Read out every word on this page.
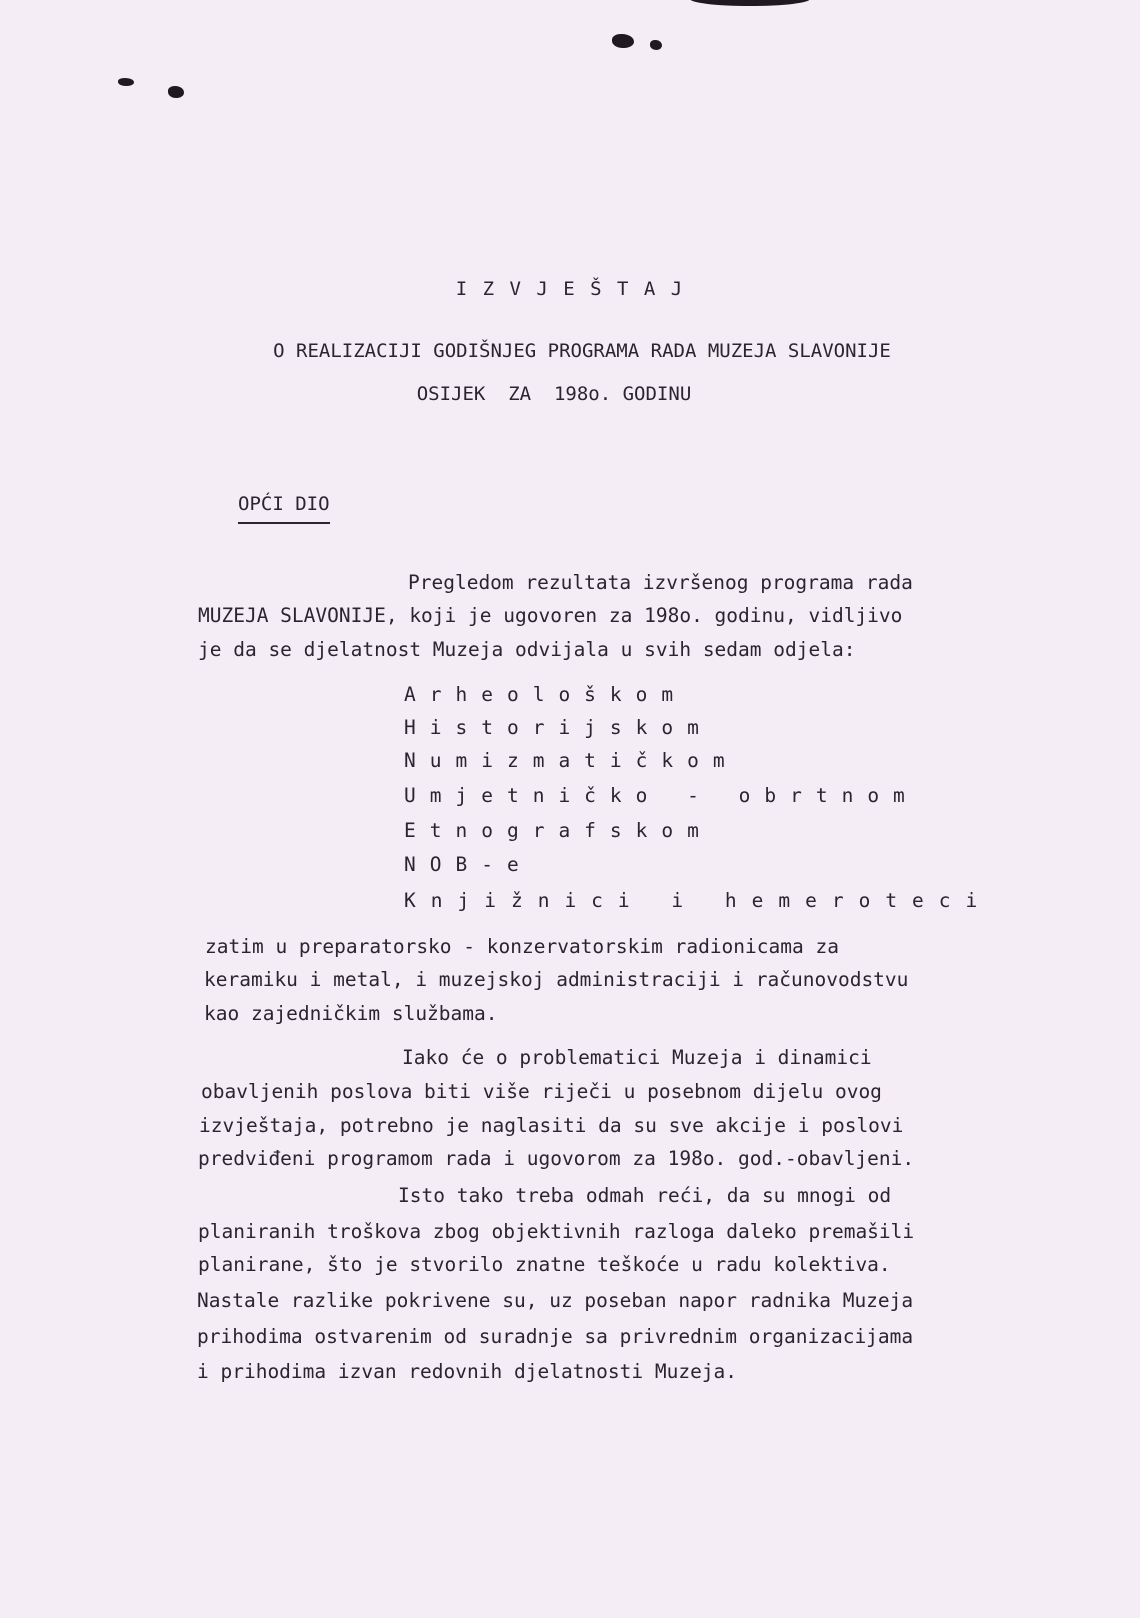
I Z V J E Š T A J
O REALIZACIJI GODIŠNJEG PROGRAMA RADA MUZEJA SLAVONIJE
OSIJEK  ZA  198o. GODINU
OPĆI DIO
Pregledom rezultata izvršenog programa rada
MUZEJA SLAVONIJE, koji je ugovoren za 198o. godinu, vidljivo
je da se djelatnost Muzeja odvijala u svih sedam odjela:
Arheološkom
Historijskom
Numizmatičkom
Umjetničko - obrtnom
Etnografskom
NOB-e
Knjižnici i hemeroteci
zatim u preparatorsko - konzervatorskim radionicama za
keramiku i metal, i muzejskoj administraciji i računovodstvu
kao zajedničkim službama.
Iako će o problematici Muzeja i dinamici
obavljenih poslova biti više riječi u posebnom dijelu ovog
izvještaja, potrebno je naglasiti da su sve akcije i poslovi
predviđeni programom rada i ugovorom za 198o. god.-obavljeni.
Isto tako treba odmah reći, da su mnogi od
planiranih troškova zbog objektivnih razloga daleko premašili
planirane, što je stvorilo znatne teškoće u radu kolektiva.
Nastale razlike pokrivene su, uz poseban napor radnika Muzeja
prihodima ostvarenim od suradnje sa privrednim organizacijama
i prihodima izvan redovnih djelatnosti Muzeja.
